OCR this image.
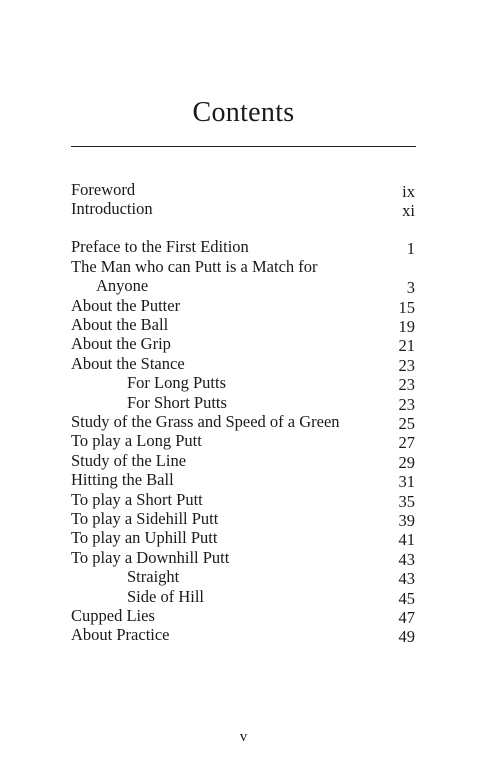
Contents
Foreword	ix
Introduction	xi
Preface to the First Edition	1
The Man who can Putt is a Match for
Anyone	3
About the Putter	15
About the Ball	19
About the Grip	21
About the Stance	23
For Long Putts	23
For Short Putts	23
Study of the Grass and Speed of a Green	25
To play a Long Putt	27
Study of the Line	29
Hitting the Ball	31
To play a Short Putt	35
To play a Sidehill Putt	39
To play an Uphill Putt	41
To play a Downhill Putt	43
Straight	43
Side of Hill	45
Cupped Lies	47
About Practice	49
v
